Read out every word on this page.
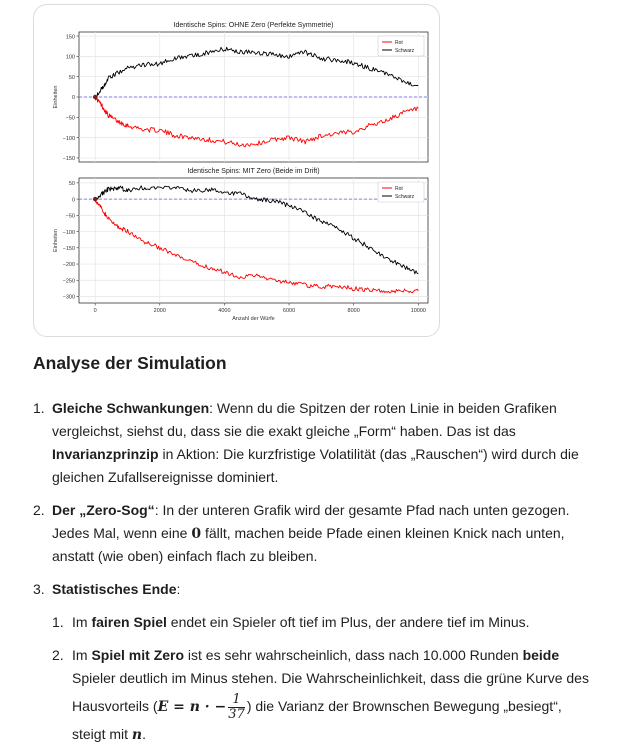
Identische Spins: OHNE Zero (Perfekte Symmetrie)
150
100
50
0
−50
−100
−150
Einheiten
Rot
Schwarz
Identische Spins: MIT Zero (Beide im Drift)
50
0
−50
−100
−150
−200
−250
−300
0	2000	4000	6000	8000	10000
Einheiten
Anzahl der Würfe
Rot
Schwarz
Analyse der Simulation
1. Gleiche Schwankungen: Wenn du die Spitzen der roten Linie in beiden Grafiken
vergleichst, siehst du, dass sie die exakt gleiche „Form“ haben. Das ist das
Invarianzprinzip in Aktion: Die kurzfristige Volatilität (das „Rauschen“) wird durch die
gleichen Zufallsereignisse dominiert.
2. Der „Zero-Sog“: In der unteren Grafik wird der gesamte Pfad nach unten gezogen.
Jedes Mal, wenn eine 0 fällt, machen beide Pfade einen kleinen Knick nach unten,
anstatt (wie oben) einfach flach zu bleiben.
3. Statistisches Ende:
1. Im fairen Spiel endet ein Spieler oft tief im Plus, der andere tief im Minus.
2. Im Spiel mit Zero ist es sehr wahrscheinlich, dass nach 10.000 Runden beide
Spieler deutlich im Minus stehen. Die Wahrscheinlichkeit, dass die grüne Kurve des
Hausvorteils (E = n · − $\frac{1}{37}$ ) die Varianz der Brownschen Bewegung „besiegt“,
steigt mit n.
